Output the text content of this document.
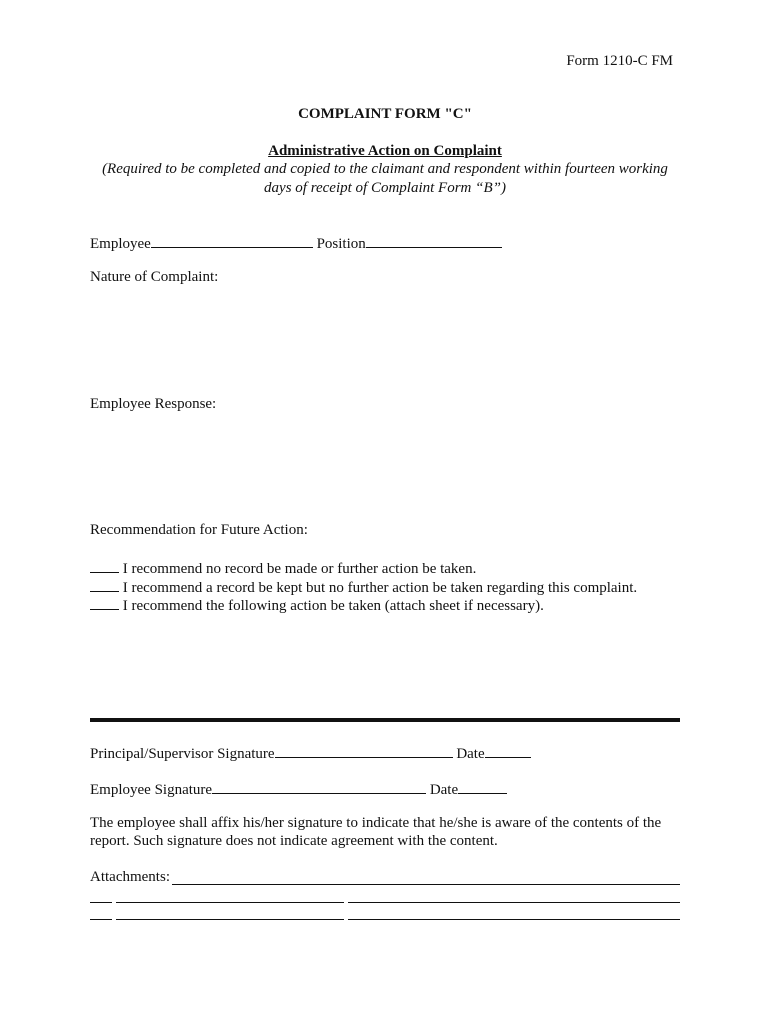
Form 1210-C FM
COMPLAINT FORM "C"
Administrative Action on Complaint
(Required to be completed and copied to the claimant and respondent within fourteen working
days of receipt of Complaint Form “B”)
Employee	Position
Nature of Complaint:
Employee Response:
Recommendation for Future Action:
I recommend no record be made or further action be taken.
I recommend a record be kept but no further action be taken regarding this complaint.
I recommend the following action be taken (attach sheet if necessary).
Principal/Supervisor Signature	Date
Employee Signature	Date
The employee shall affix his/her signature to indicate that he/she is aware of the contents of the
report. Such signature does not indicate agreement with the content.
Attachments:
